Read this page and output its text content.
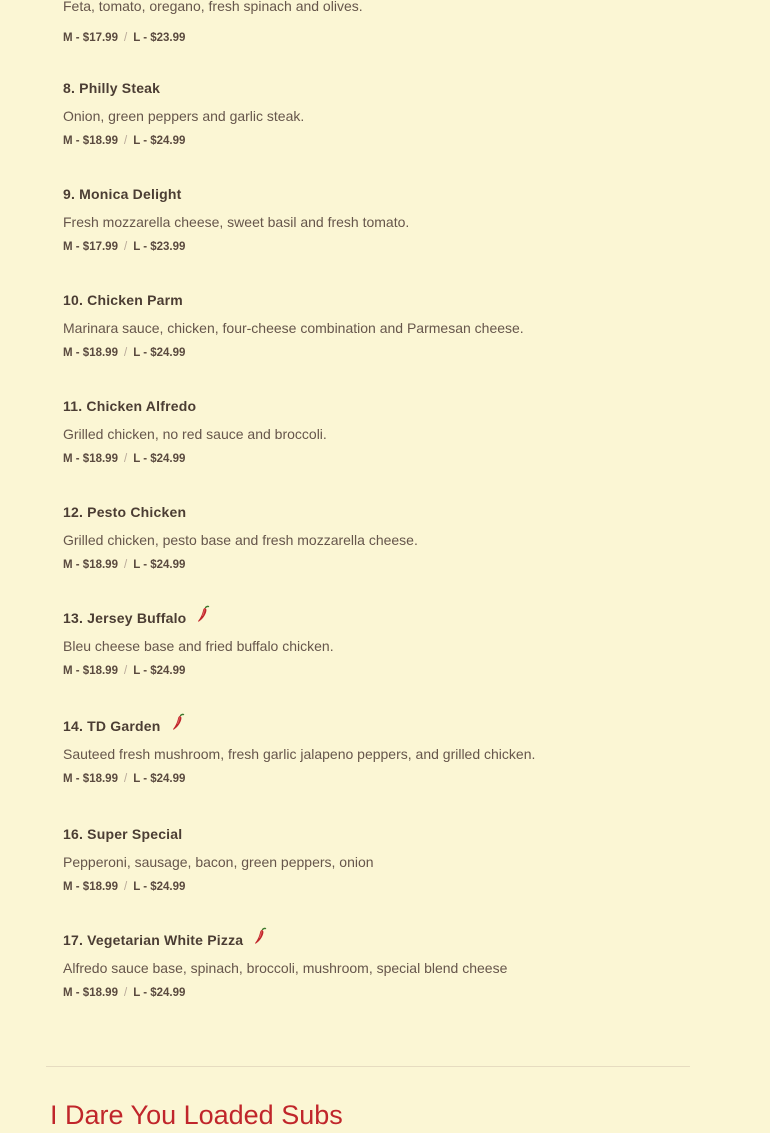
Feta, tomato, oregano, fresh spinach and olives.
M - $17.99 / L - $23.99
8. Philly Steak
Onion, green peppers and garlic steak.
M - $18.99 / L - $24.99
9. Monica Delight
Fresh mozzarella cheese, sweet basil and fresh tomato.
M - $17.99 / L - $23.99
10. Chicken Parm
Marinara sauce, chicken, four-cheese combination and Parmesan cheese.
M - $18.99 / L - $24.99
11. Chicken Alfredo
Grilled chicken, no red sauce and broccoli.
M - $18.99 / L - $24.99
12. Pesto Chicken
Grilled chicken, pesto base and fresh mozzarella cheese.
M - $18.99 / L - $24.99
13. Jersey Buffalo
Bleu cheese base and fried buffalo chicken.
M - $18.99 / L - $24.99
14. TD Garden
Sauteed fresh mushroom, fresh garlic jalapeno peppers, and grilled chicken.
M - $18.99 / L - $24.99
16. Super Special
Pepperoni, sausage, bacon, green peppers, onion
M - $18.99 / L - $24.99
17. Vegetarian White Pizza
Alfredo sauce base, spinach, broccoli, mushroom, special blend cheese
M - $18.99 / L - $24.99
I Dare You Loaded Subs
